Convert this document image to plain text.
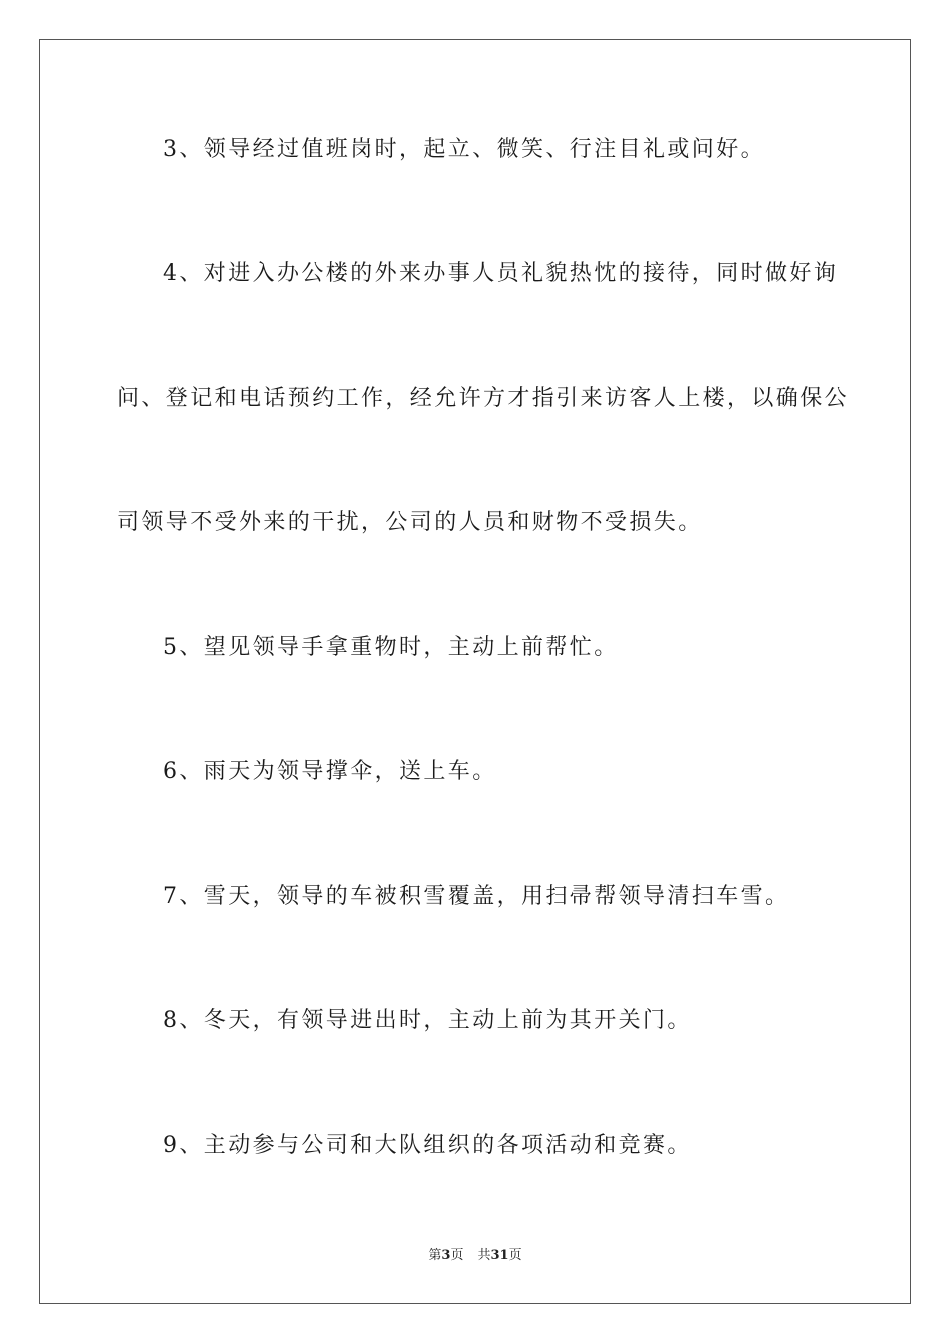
3、领导经过值班岗时，起立、微笑、行注目礼或问好。
4、对进入办公楼的外来办事人员礼貌热忱的接待，同时做好询
问、登记和电话预约工作，经允许方才指引来访客人上楼，以确保公
司领导不受外来的干扰，公司的人员和财物不受损失。
5、望见领导手拿重物时，主动上前帮忙。
6、雨天为领导撑伞，送上车。
7、雪天，领导的车被积雪覆盖，用扫帚帮领导清扫车雪。
8、冬天，有领导进出时，主动上前为其开关门。
9、主动参与公司和大队组织的各项活动和竞赛。
第3页 共31页
